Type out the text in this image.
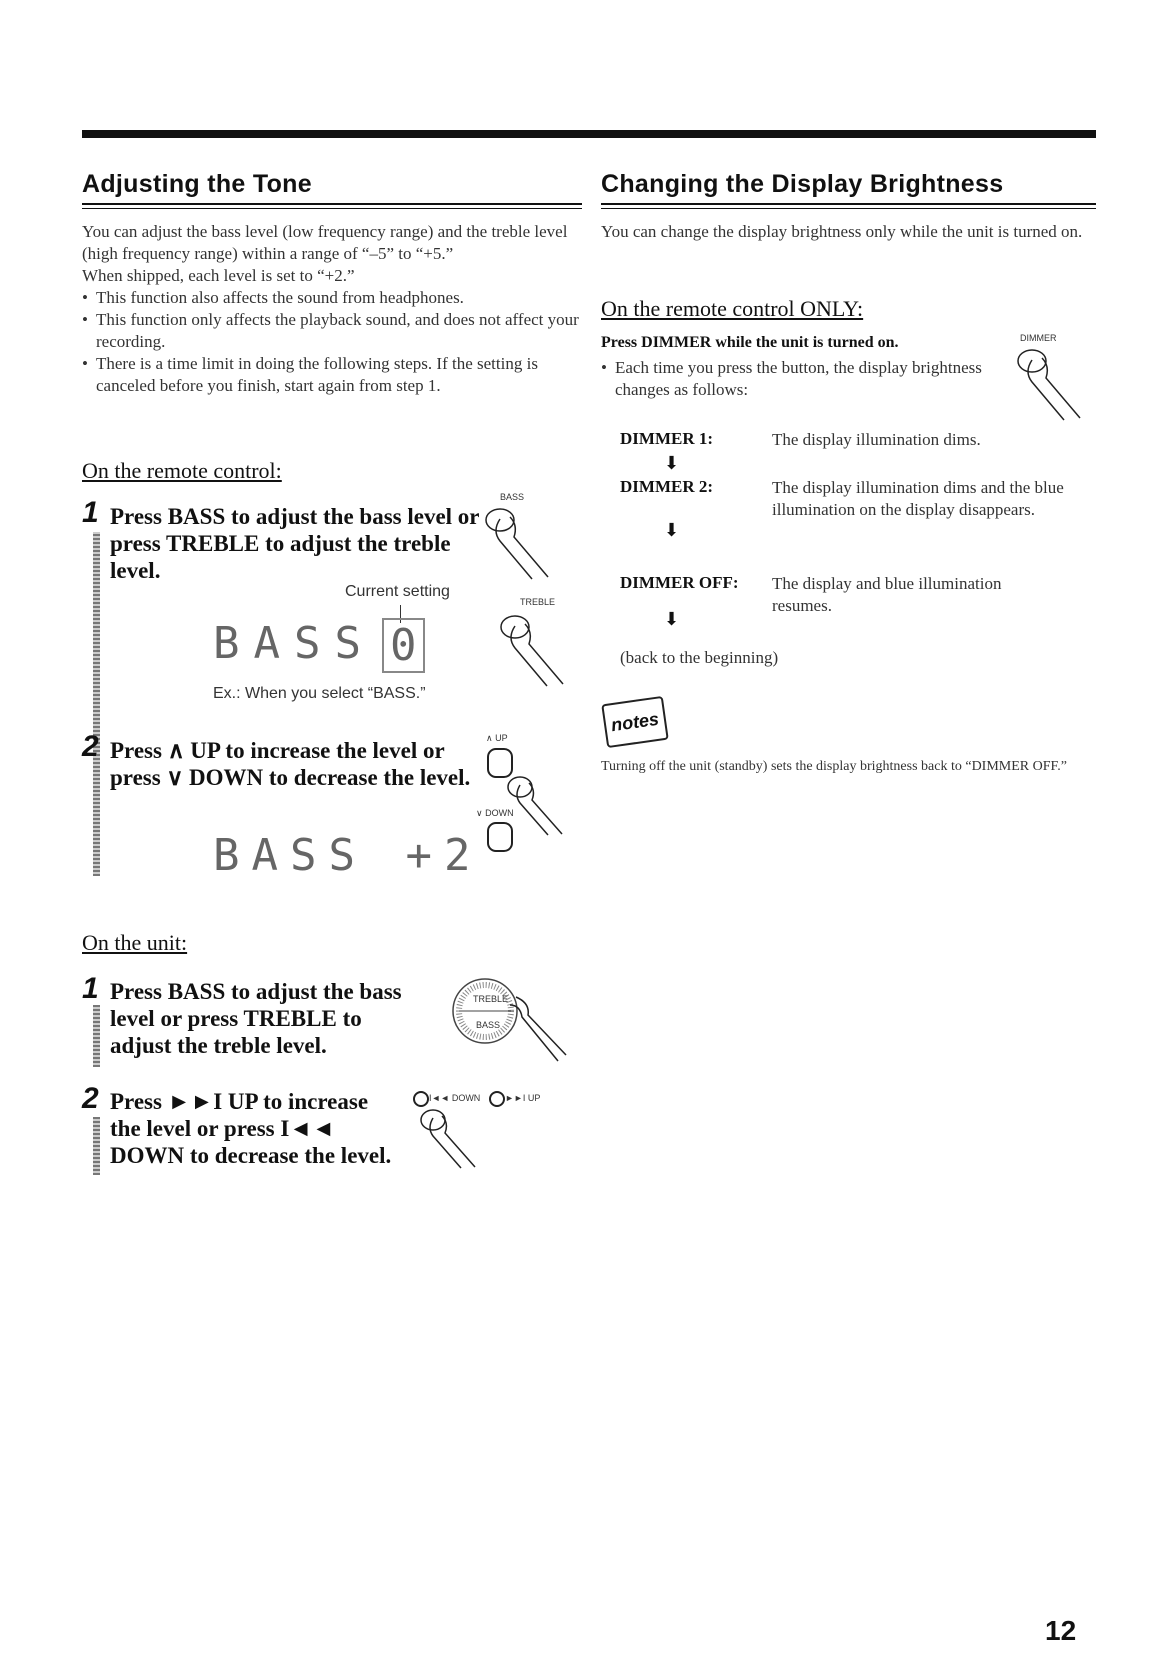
Adjusting the Tone
You can adjust the bass level (low frequency range) and the treble level (high frequency range) within a range of “–5” to “+5.”
When shipped, each level is set to “+2.”
• This function also affects the sound from headphones.
• This function only affects the playback sound, and does not affect your recording.
• There is a time limit in doing the following steps. If the setting is canceled before you finish, start again from step 1.
On the remote control:
1 Press BASS to adjust the bass level or press TREBLE to adjust the treble level.
Current setting
BASS 0
Ex.: When you select “BASS.”
BASS
TREBLE
2 Press ∧ UP to increase the level or press ∨ DOWN to decrease the level.
BASS +2
∧ UP
∨ DOWN
On the unit:
1 Press BASS to adjust the bass level or press TREBLE to adjust the treble level.
TREBLE
BASS
2 Press ►►I UP to increase the level or press I◄◄ DOWN to decrease the level.
I◄◄ DOWN	►►I UP
Changing the Display Brightness
You can change the display brightness only while the unit is turned on.
On the remote control ONLY:
Press DIMMER while the unit is turned on.
• Each time you press the button, the display brightness changes as follows:
DIMMER
DIMMER 1:	The display illumination dims.
⬇
DIMMER 2:	The display illumination dims and the blue illumination on the display disappears.
⬇
DIMMER OFF: The display and blue illumination resumes.
⬇
(back to the beginning)
notes
Turning off the unit (standby) sets the display brightness back to “DIMMER OFF.”
12
